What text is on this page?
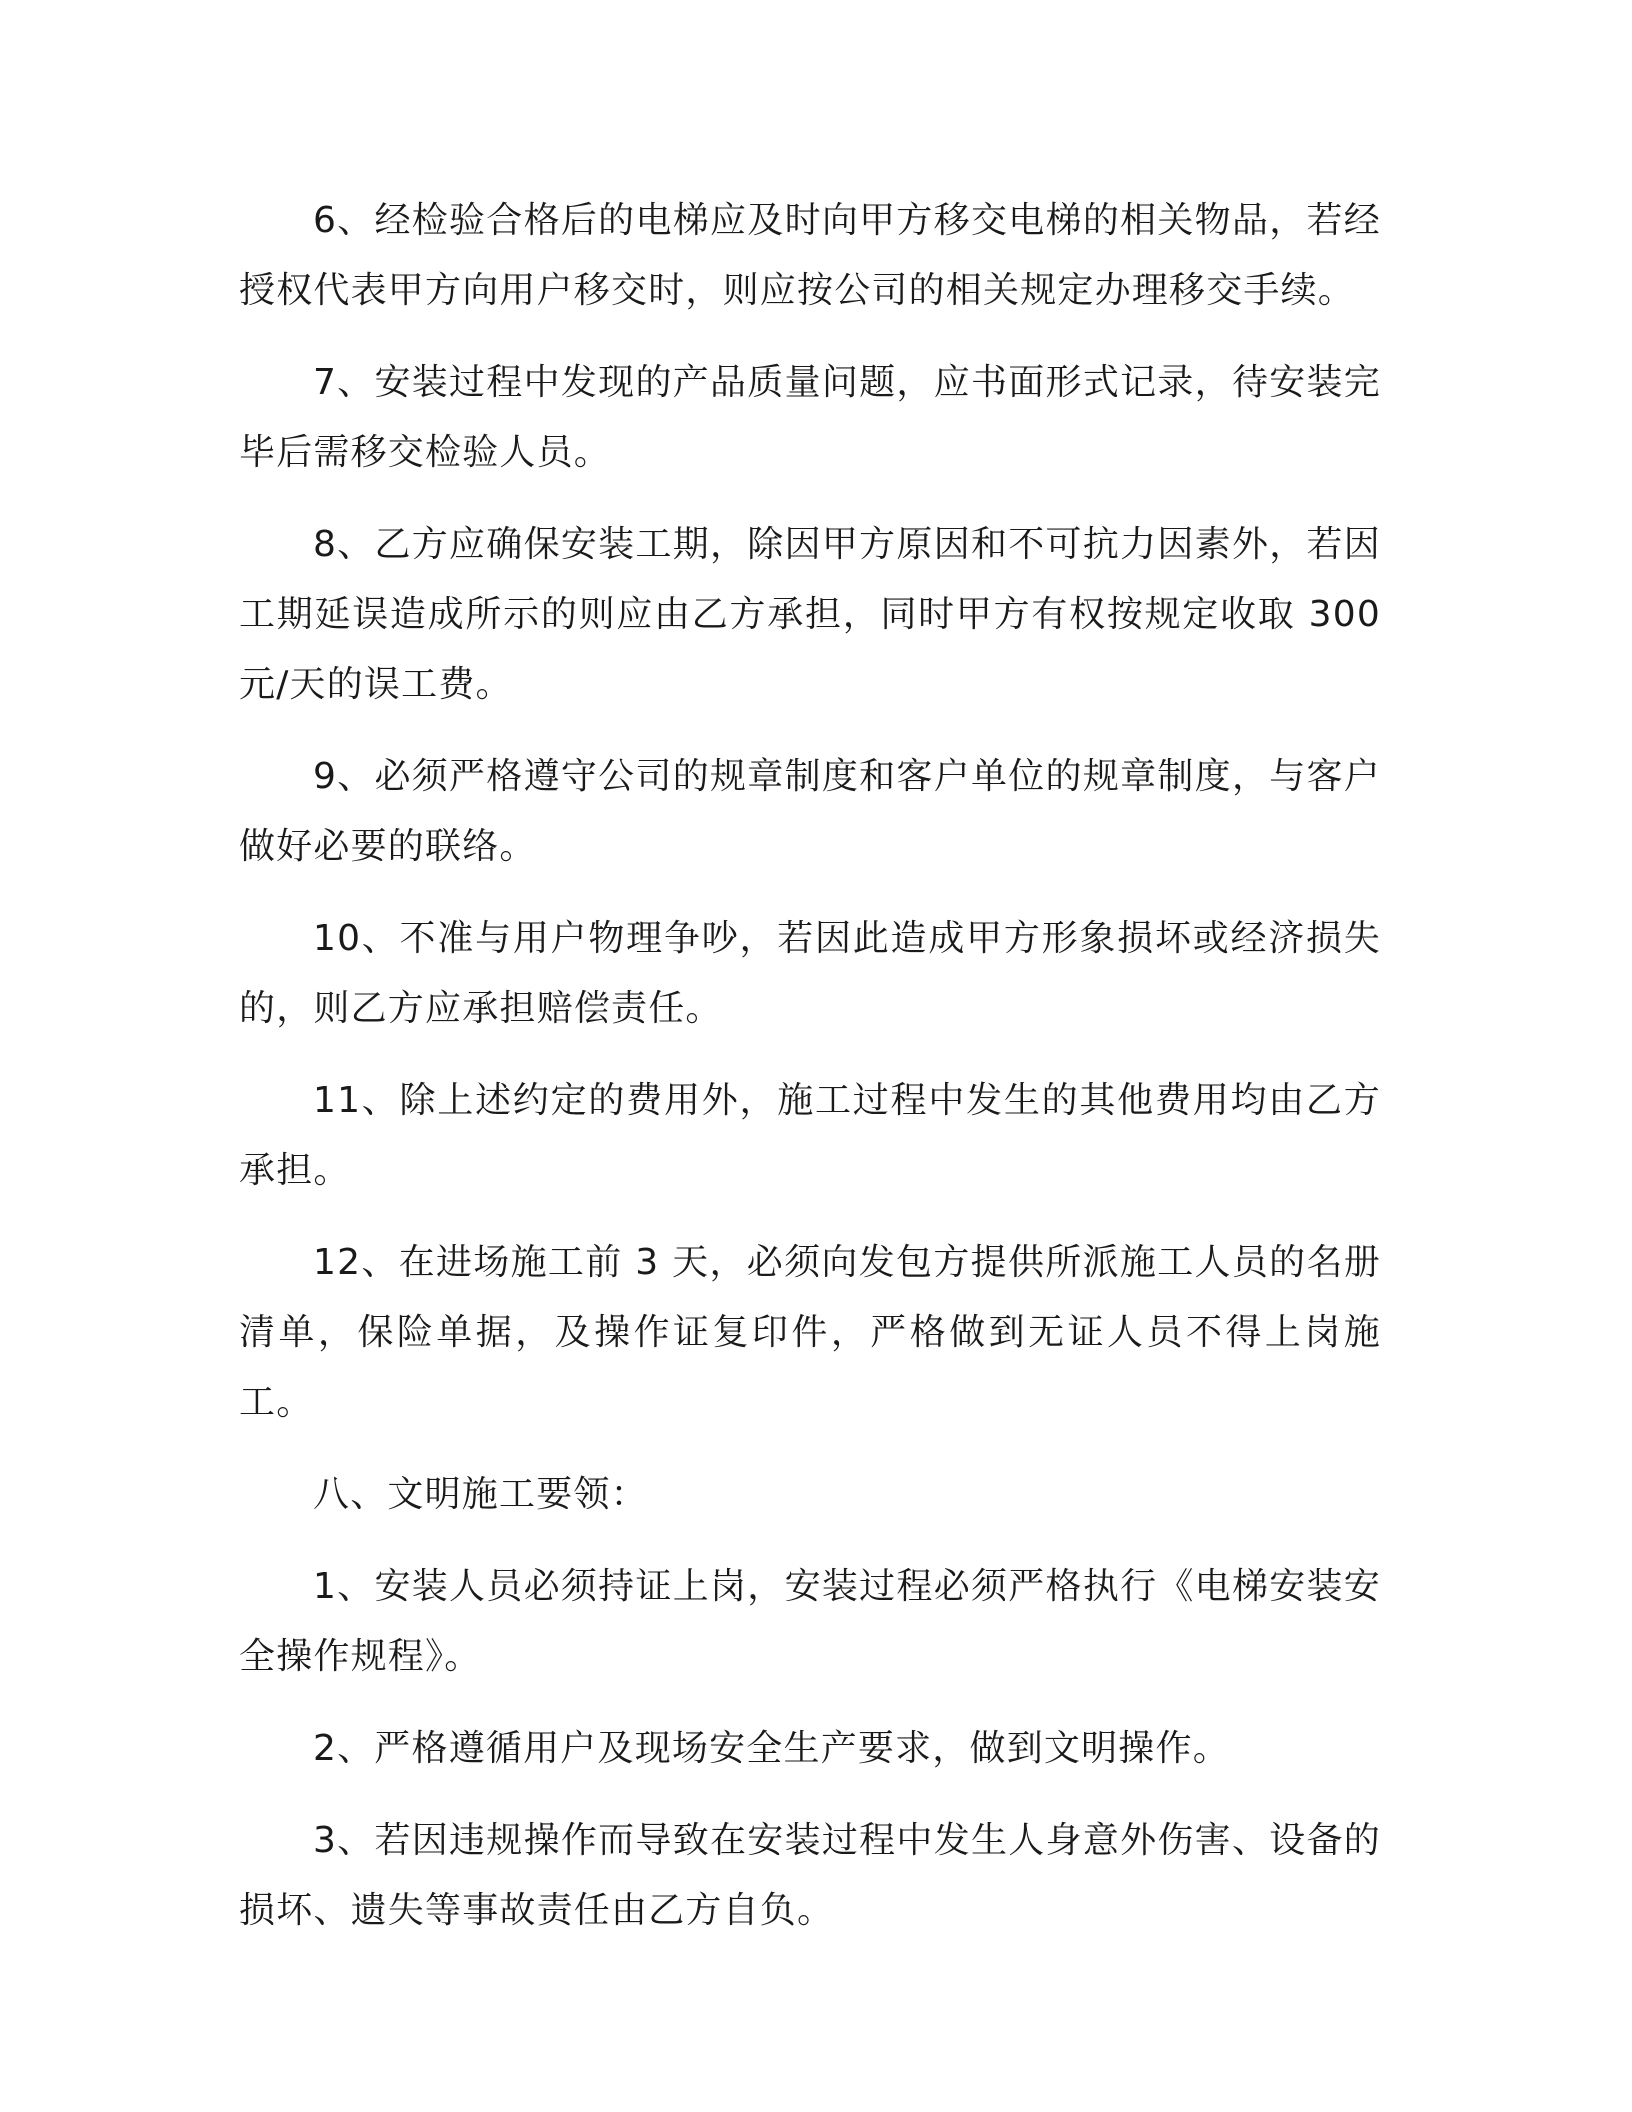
6、经检验合格后的电梯应及时向甲方移交电梯的相关物品，若经授权代表甲方向用户移交时，则应按公司的相关规定办理移交手续。

7、安装过程中发现的产品质量问题，应书面形式记录，待安装完毕后需移交检验人员。

8、乙方应确保安装工期，除因甲方原因和不可抗力因素外，若因工期延误造成所示的则应由乙方承担，同时甲方有权按规定收取 300元/天的误工费。

9、必须严格遵守公司的规章制度和客户单位的规章制度，与客户做好必要的联络。

10、不准与用户物理争吵，若因此造成甲方形象损坏或经济损失的，则乙方应承担赔偿责任。

11、除上述约定的费用外，施工过程中发生的其他费用均由乙方承担。

12、在进场施工前 3 天，必须向发包方提供所派施工人员的名册清单，保险单据，及操作证复印件，严格做到无证人员不得上岗施工。

八、文明施工要领：

1、安装人员必须持证上岗，安装过程必须严格执行《电梯安装安全操作规程》。

2、严格遵循用户及现场安全生产要求，做到文明操作。

3、若因违规操作而导致在安装过程中发生人身意外伤害、设备的损坏、遗失等事故责任由乙方自负。
